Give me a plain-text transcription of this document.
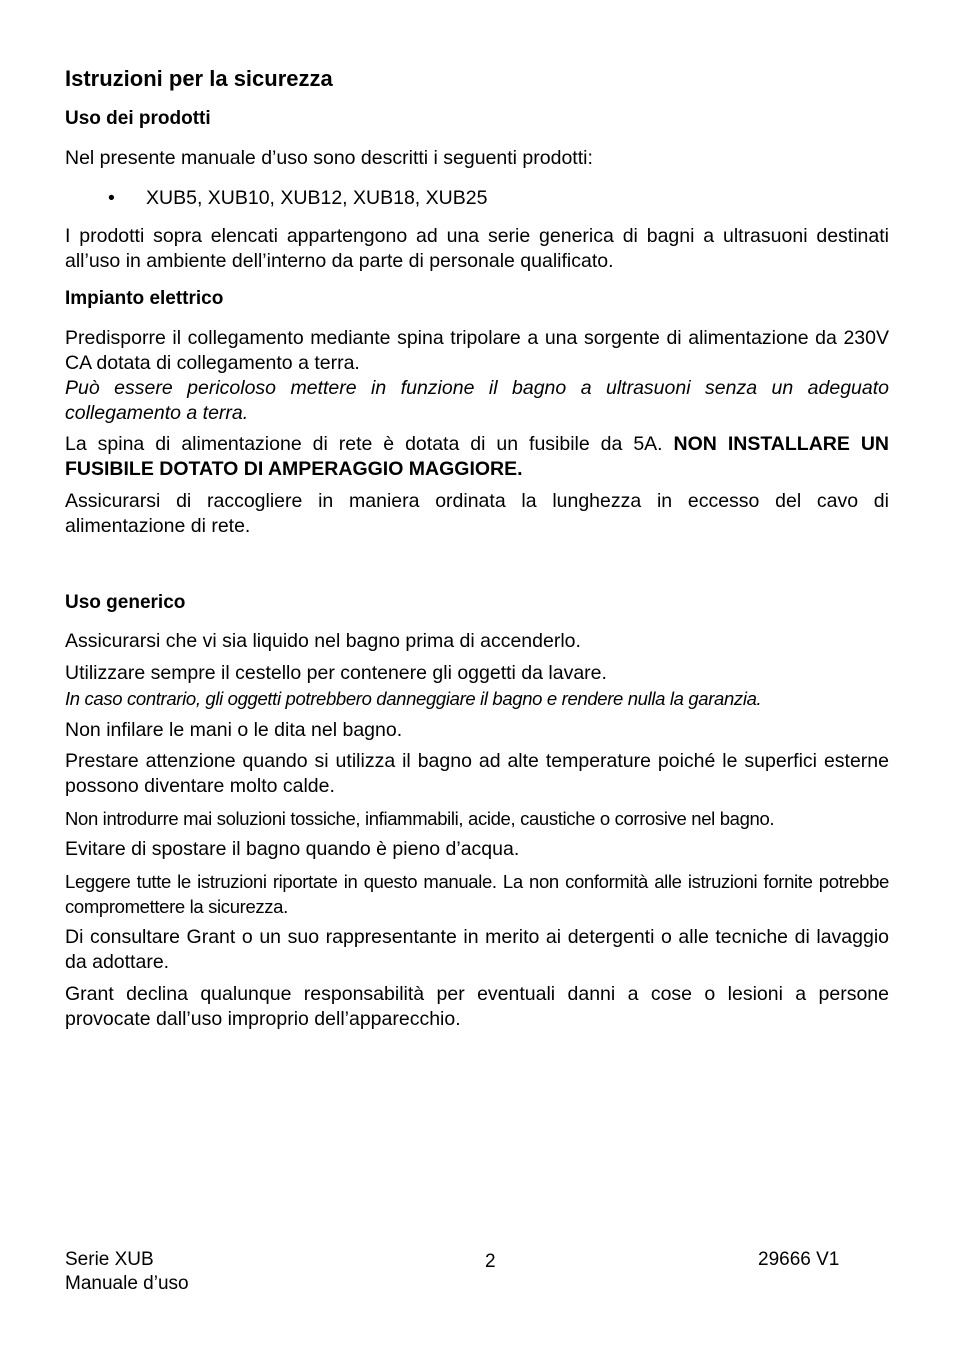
Istruzioni per la sicurezza
Uso dei prodotti

Nel presente manuale d’uso sono descritti i seguenti prodotti:

• XUB5, XUB10, XUB12, XUB18, XUB25

I prodotti sopra elencati appartengono ad una serie generica di bagni a ultrasuoni destinati all’uso in ambiente dell’interno da parte di personale qualificato.

Impianto elettrico
Predisporre il collegamento mediante spina tripolare a una sorgente di alimentazione da 230V CA dotata di collegamento a terra.
Può essere pericoloso mettere in funzione il bagno a ultrasuoni senza un adeguato collegamento a terra.

La spina di alimentazione di rete è dotata di un fusibile da 5A. NON INSTALLARE UN FUSIBILE DOTATO DI AMPERAGGIO MAGGIORE.

Assicurarsi di raccogliere in maniera ordinata la lunghezza in eccesso del cavo di alimentazione di rete.

Uso generico

Assicurarsi che vi sia liquido nel bagno prima di accenderlo.

Utilizzare sempre il cestello per contenere gli oggetti da lavare.
In caso contrario, gli oggetti potrebbero danneggiare il bagno e rendere nulla la garanzia.

Non infilare le mani o le dita nel bagno.

Prestare attenzione quando si utilizza il bagno ad alte temperature poiché le superfici esterne possono diventare molto calde.

Non introdurre mai soluzioni tossiche, infiammabili, acide, caustiche o corrosive nel bagno.

Evitare di spostare il bagno quando è pieno d’acqua.

Leggere tutte le istruzioni riportate in questo manuale. La non conformità alle istruzioni fornite potrebbe compromettere la sicurezza.

Di consultare Grant o un suo rappresentante in merito ai detergenti o alle tecniche di lavaggio da adottare.

Grant declina qualunque responsabilità per eventuali danni a cose o lesioni a persone provocate dall’uso improprio dell’apparecchio.

Serie XUB
Manuale d’uso
2	29666 V1
